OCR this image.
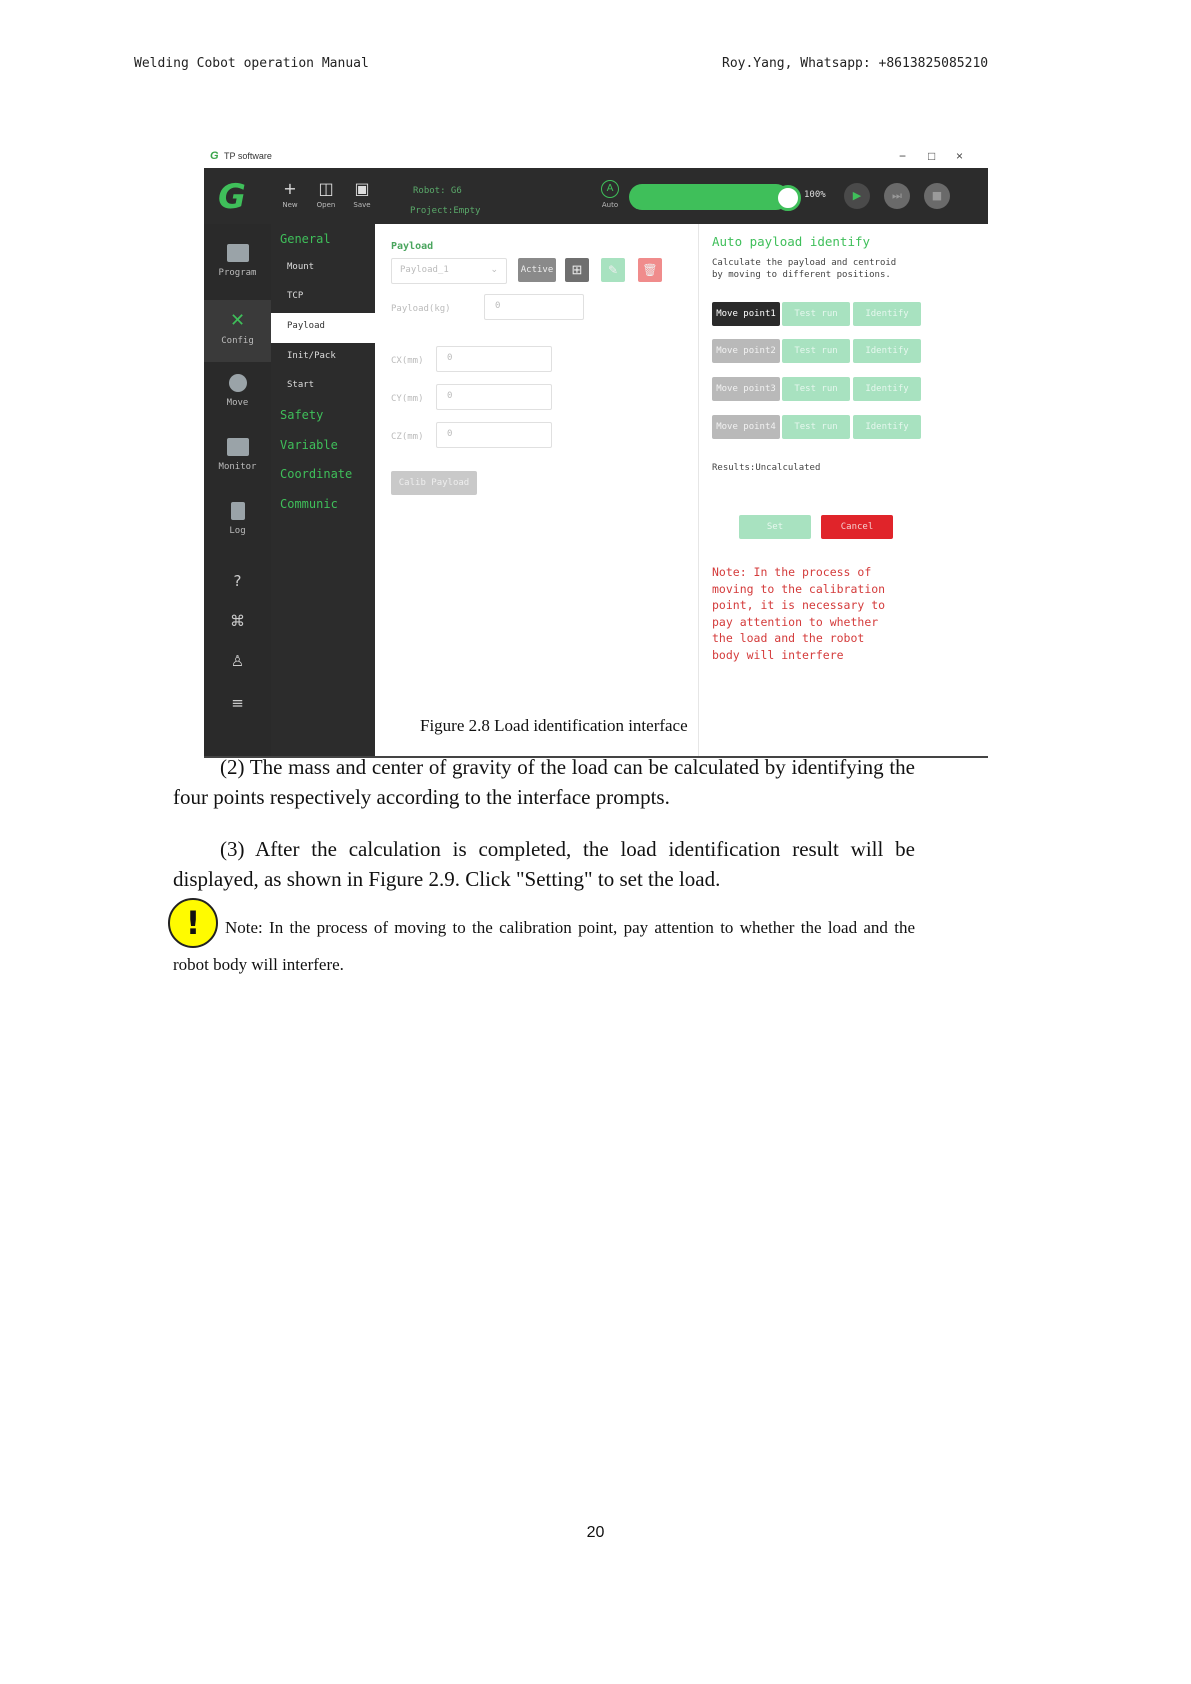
Welding Cobot operation Manual	Roy.Yang, Whatsapp: +8613825085210
G TP software	− □ ×
G	+
New
◫
Open
▣
Save
Robot: G6
Project:Empty
A
Auto
100%	▶	⏭	■
Program
✕
Config
Move
Monitor
Log
?
⌘
♙
≡
General
Mount
TCP
Payload
Init/Pack
Start
Safety
Variable
Coordinate
Communic
Payload
Payload_1	⌄	Active	⊞	✎	🗑
Payload(kg)	0
CX(mm)	0
CY(mm)	0
CZ(mm)	0
Calib Payload
Auto payload identify
Calculate the payload and centroid
by moving to different positions.
Move point1	Test run	Identify
Move point2	Test run	Identify
Move point3	Test run	Identify
Move point4	Test run	Identify
Results:Uncalculated
Set	Cancel
Note: In the process of
moving to the calibration
point, it is necessary to
pay attention to whether
the load and the robot
body will interfere
Figure 2.8 Load identification interface
(2) The mass and center of gravity of the load can be calculated by identifying the four points respectively according to the interface prompts.
(3) After the calculation is completed, the load identification result will be displayed, as shown in Figure 2.9. Click "Setting" to set the load.
!	Note: In the process of moving to the calibration point, pay attention to whether the load and the robot body will interfere.
20
